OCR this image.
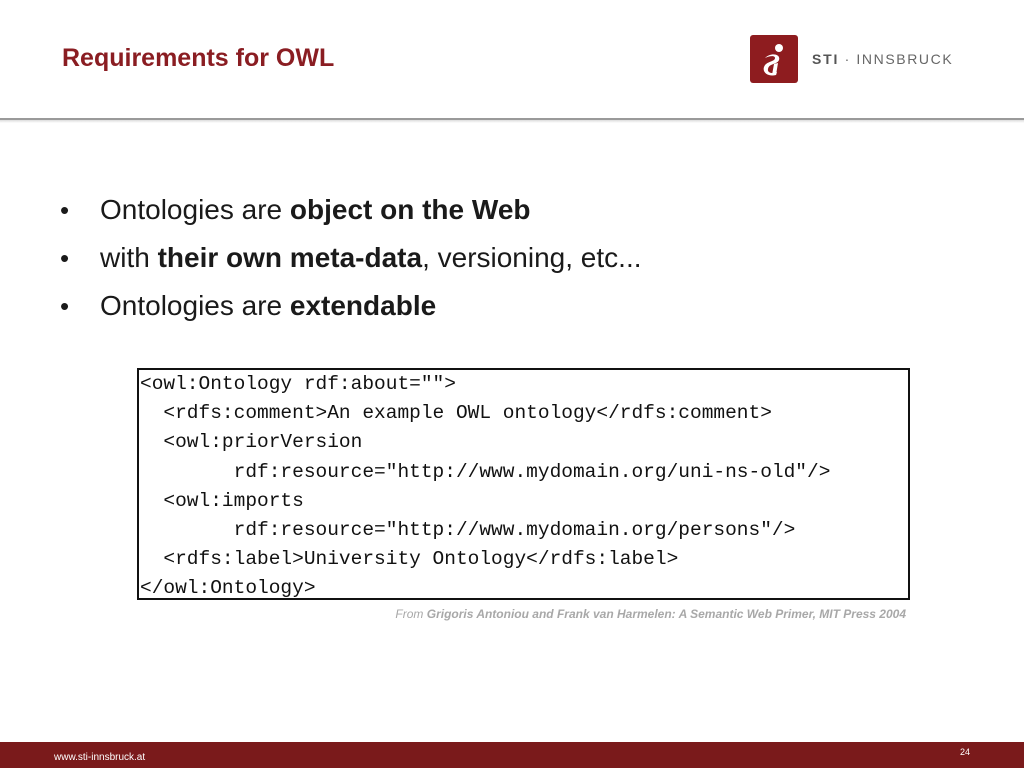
Requirements for OWL	STI · INNSBRUCK
•	Ontologies are object on the Web
•	with their own meta-data, versioning, etc...
•	Ontologies are extendable
<owl:Ontology rdf:about="">
<rdfs:comment>An example OWL ontology</rdfs:comment>
<owl:priorVersion
rdf:resource="http://www.mydomain.org/uni-ns-old"/>
<owl:imports
rdf:resource="http://www.mydomain.org/persons"/>
<rdfs:label>University Ontology</rdfs:label>
</owl:Ontology>
From Grigoris Antoniou and Frank van Harmelen: A Semantic Web Primer, MIT Press 2004
www.sti-innsbruck.at	24
